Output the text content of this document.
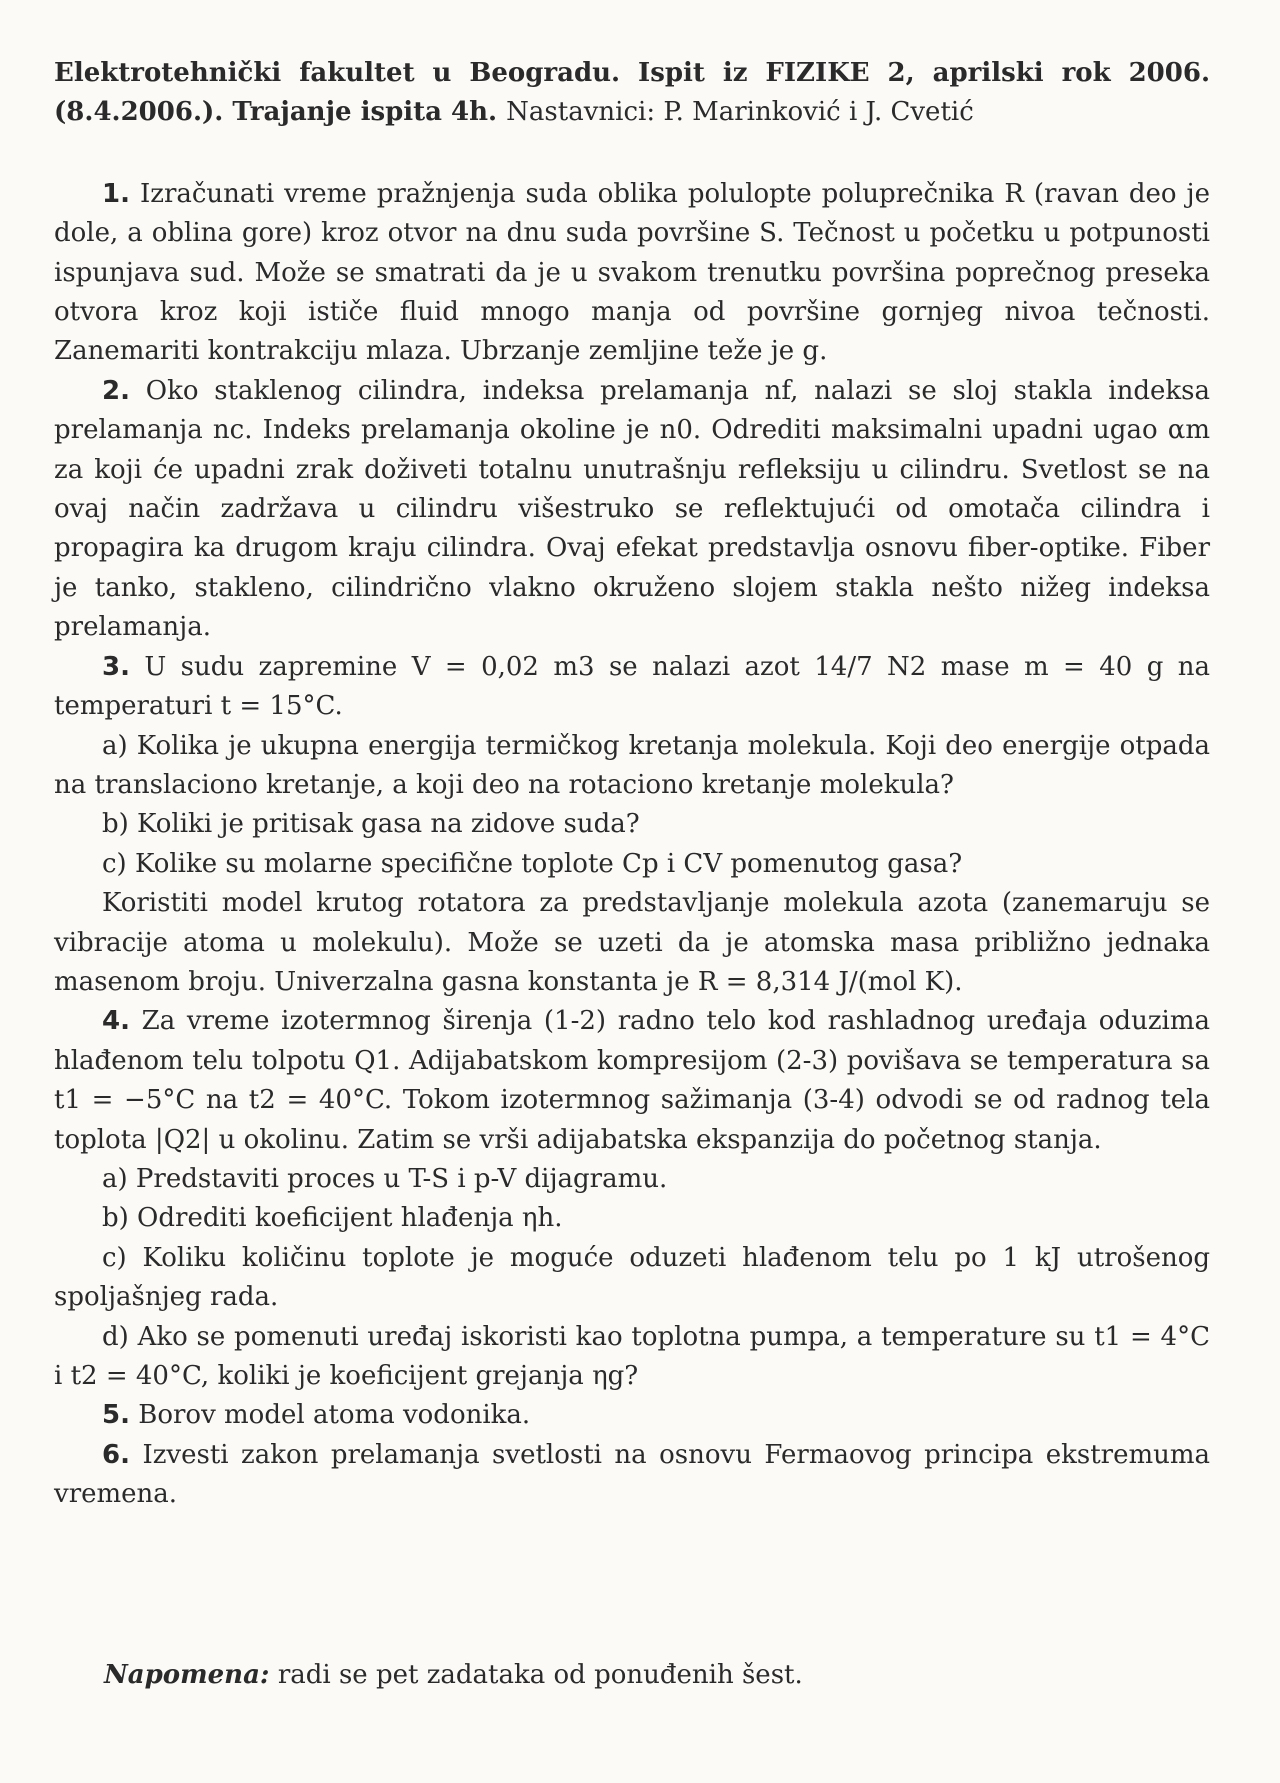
Elektrotehnički fakultet u Beogradu. Ispit iz FIZIKE 2, aprilski rok 2006. (8.4.2006.). Trajanje ispita 4h. Nastavnici: P. Marinković i J. Cvetić

1. Izračunati vreme pražnjenja suda oblika polulopte poluprečnika R (ravan deo je dole, a oblina gore) kroz otvor na dnu suda površine S. Tečnost u početku u potpunosti ispunjava sud. Može se smatrati da je u svakom trenutku površina poprečnog preseka otvora kroz koji ističe fluid mnogo manja od površine gornjeg nivoa tečnosti. Zanemariti kontrakciju mlaza. Ubrzanje zemljine teže je g.

2. Oko staklenog cilindra, indeksa prelamanja nf, nalazi se sloj stakla indeksa prelamanja nc. Indeks prelamanja okoline je n0. Odrediti maksimalni upadni ugao αm za koji će upadni zrak doživeti totalnu unutrašnju refleksiju u cilindru. Svetlost se na ovaj način zadržava u cilindru višestruko se reflektujući od omotača cilindra i propagira ka drugom kraju cilindra. Ovaj efekat predstavlja osnovu fiber-optike. Fiber je tanko, stakleno, cilindrično vlakno okruženo slojem stakla nešto nižeg indeksa prelamanja.

3. U sudu zapremine V = 0,02 m3 se nalazi azot 14/7 N2 mase m = 40 g na temperaturi t = 15°C.

a) Kolika je ukupna energija termičkog kretanja molekula. Koji deo energije otpada na translaciono kretanje, a koji deo na rotaciono kretanje molekula?

b) Koliki je pritisak gasa na zidove suda?

c) Kolike su molarne specifične toplote Cp i CV pomenutog gasa?

Koristiti model krutog rotatora za predstavljanje molekula azota (zanemaruju se vibracije atoma u molekulu). Može se uzeti da je atomska masa približno jednaka masenom broju. Univerzalna gasna konstanta je R = 8,314 J/(mol K).

4. Za vreme izotermnog širenja (1-2) radno telo kod rashladnog uređaja oduzima hlađenom telu tolpotu Q1. Adijabatskom kompresijom (2-3) povišava se temperatura sa t1 = −5°C na t2 = 40°C. Tokom izotermnog sažimanja (3-4) odvodi se od radnog tela toplota |Q2| u okolinu. Zatim se vrši adijabatska ekspanzija do početnog stanja.

a) Predstaviti proces u T-S i p-V dijagramu.

b) Odrediti koeficijent hlađenja ηh.

c) Koliku količinu toplote je moguće oduzeti hlađenom telu po 1 kJ utrošenog spoljašnjeg rada.

d) Ako se pomenuti uređaj iskoristi kao toplotna pumpa, a temperature su t1 = 4°C i t2 = 40°C, koliki je koeficijent grejanja ηg?

5. Borov model atoma vodonika.

6. Izvesti zakon prelamanja svetlosti na osnovu Fermaovog principa ekstremuma vremena.

Napomena: radi se pet zadataka od ponuđenih šest.
